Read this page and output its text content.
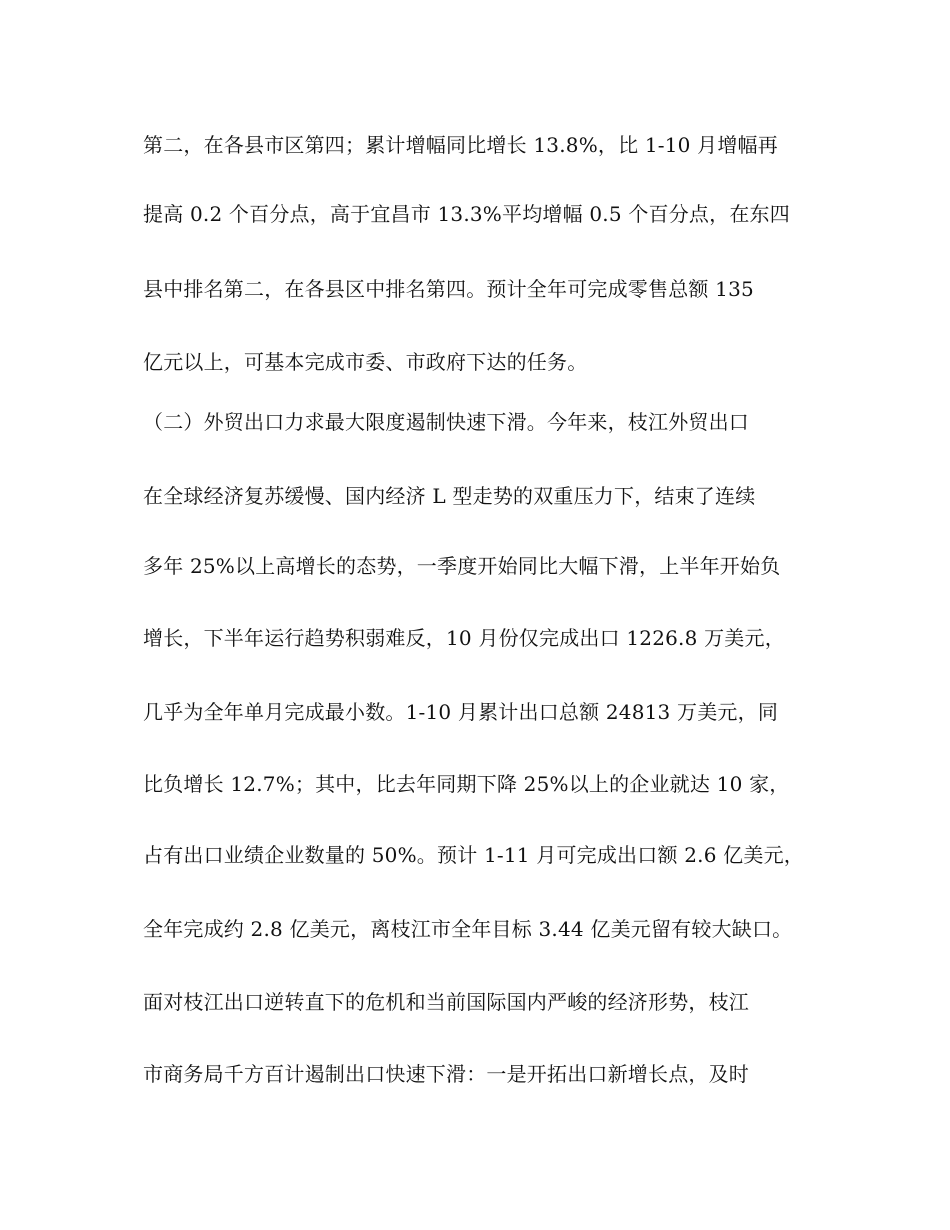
第二，在各县市区第四；累计增幅同比增长 13.8%，比 1-10 月增幅再
提高 0.2 个百分点，高于宜昌市 13.3%平均增幅 0.5 个百分点，在东四
县中排名第二，在各县区中排名第四。预计全年可完成零售总额 135
亿元以上，可基本完成市委、市政府下达的任务。
（二）外贸出口力求最大限度遏制快速下滑。今年来，枝江外贸出口
在全球经济复苏缓慢、国内经济 L 型走势的双重压力下，结束了连续
多年 25%以上高增长的态势，一季度开始同比大幅下滑，上半年开始负
增长，下半年运行趋势积弱难反，10 月份仅完成出口 1226.8 万美元，
几乎为全年单月完成最小数。1-10 月累计出口总额 24813 万美元，同
比负增长 12.7%；其中，比去年同期下降 25%以上的企业就达 10 家，
占有出口业绩企业数量的 50%。预计 1-11 月可完成出口额 2.6 亿美元，
全年完成约 2.8 亿美元，离枝江市全年目标 3.44 亿美元留有较大缺口。
面对枝江出口逆转直下的危机和当前国际国内严峻的经济形势，枝江
市商务局千方百计遏制出口快速下滑：一是开拓出口新增长点，及时
